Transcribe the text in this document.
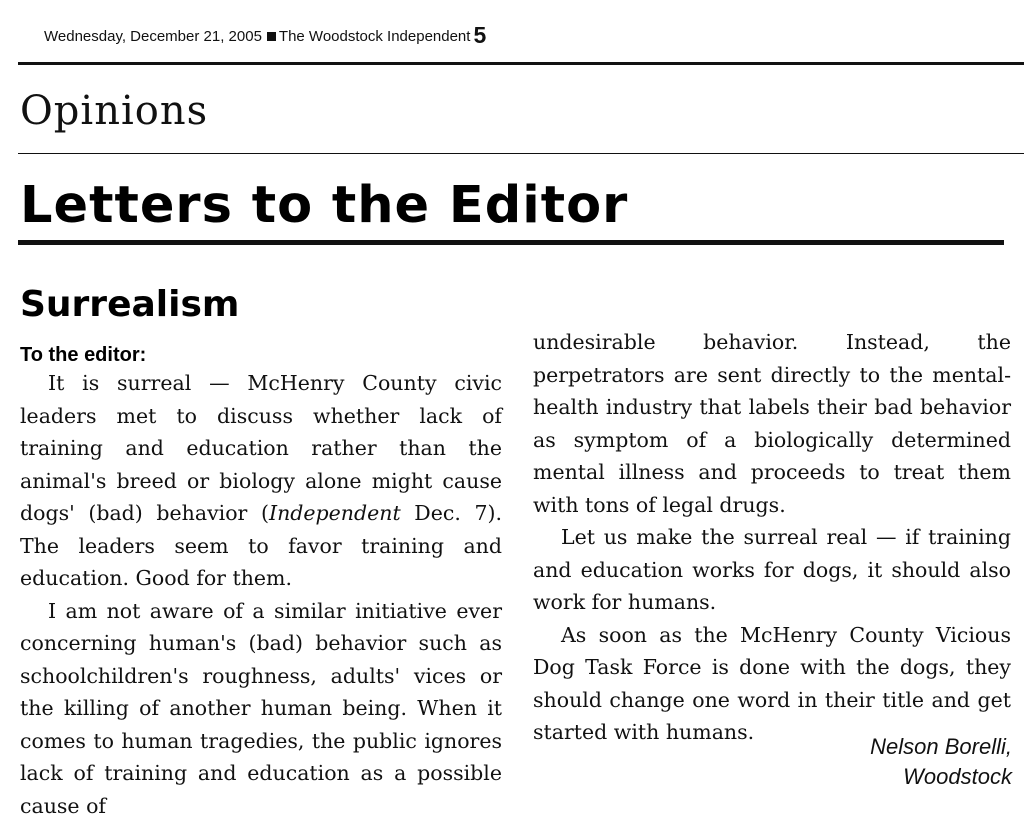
Wednesday, December 21, 2005 The Woodstock Independent 5
Opinions
Letters to the Editor
Surrealism
To the editor:

It is surreal — McHenry County civic leaders met to discuss whether lack of training and education rather than the animal's breed or biology alone might cause dogs' (bad) behavior (Independent Dec. 7). The leaders seem to favor training and education. Good for them.

I am not aware of a similar initiative ever concerning human's (bad) behavior such as schoolchildren's roughness, adults' vices or the killing of another human being. When it comes to human tragedies, the public ignores lack of training and education as a possible cause of

undesirable behavior. Instead, the perpetrators are sent directly to the mental-health industry that labels their bad behavior as symptom of a biologically determined mental illness and proceeds to treat them with tons of legal drugs.

Let us make the surreal real — if training and education works for dogs, it should also work for humans.

As soon as the McHenry County Vicious Dog Task Force is done with the dogs, they should change one word in their title and get started with humans.

Nelson Borelli,
Woodstock
